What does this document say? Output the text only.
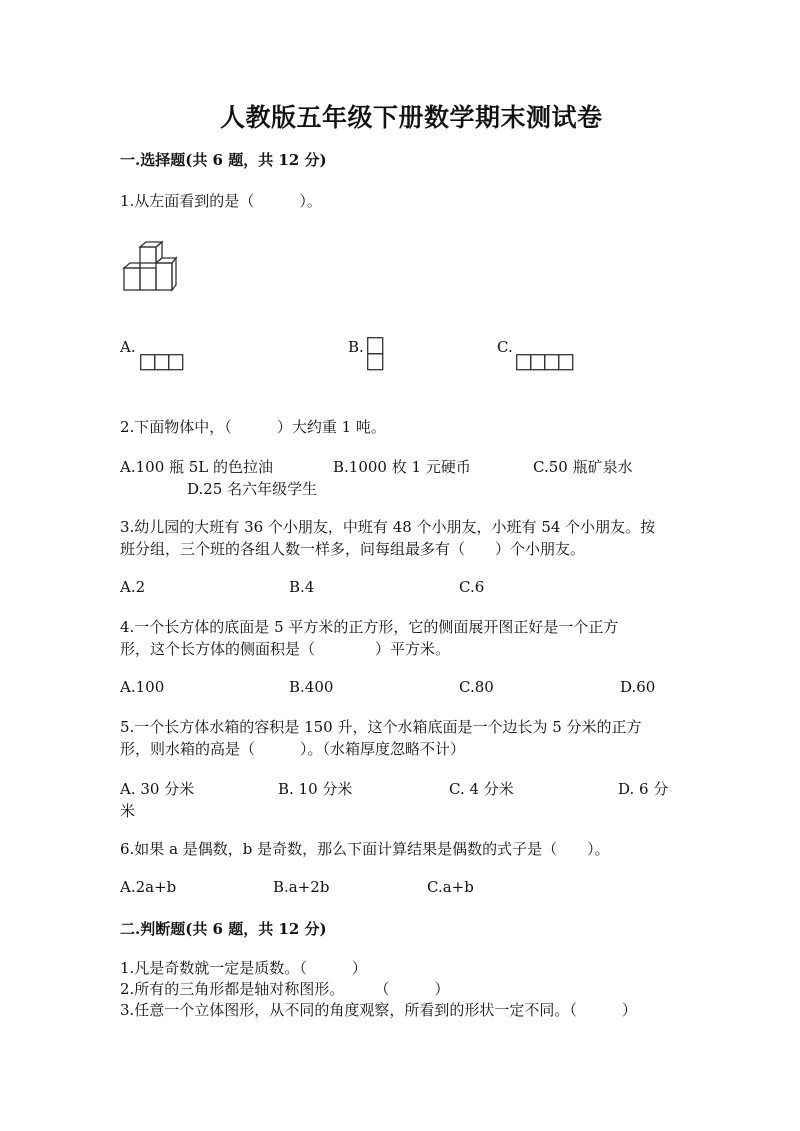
人教版五年级下册数学期末测试卷
一.选择题(共 6 题，共 12 分)
1.从左面看到的是（　　　）。
A.	B.	C.
2.下面物体中，（　　　）大约重 1 吨。
A.100 瓶 5L 的色拉油	B.1000 枚 1 元硬币	C.50 瓶矿泉水
D.25 名六年级学生
3.幼儿园的大班有 36 个小朋友，中班有 48 个小朋友，小班有 54 个小朋友。按
班分组，三个班的各组人数一样多，问每组最多有（　　）个小朋友。
A.2	B.4	C.6
4.一个长方体的底面是 5 平方米的正方形，它的侧面展开图正好是一个正方
形，这个长方体的侧面积是（　　　　）平方米。
A.100	B.400	C.80	D.60
5.一个长方体水箱的容积是 150 升，这个水箱底面是一个边长为 5 分米的正方
形，则水箱的高是（　　　）。（水箱厚度忽略不计）
A. 30 分米	B. 10 分米	C. 4 分米	D. 6 分
米
6.如果 a 是偶数，b 是奇数，那么下面计算结果是偶数的式子是（　　）。
A.2a+b	B.a+2b	C.a+b
二.判断题(共 6 题，共 12 分)
1.凡是奇数就一定是质数。（　　　）
2.所有的三角形都是轴对称图形。　　　（　　　）
3.任意一个立体图形，从不同的角度观察，所看到的形状一定不同。（　　　）
